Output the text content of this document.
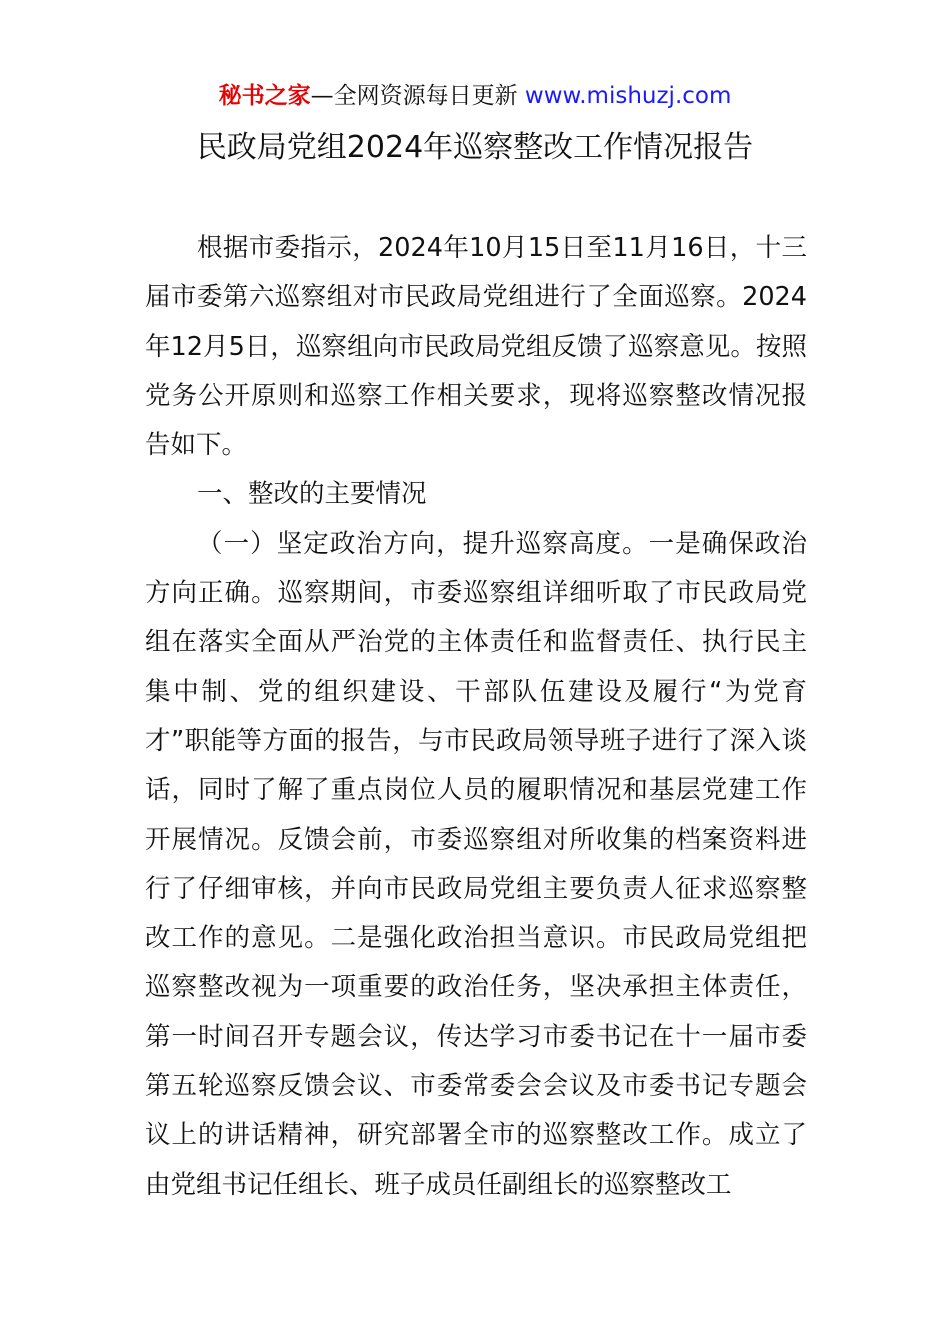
秘书之家—全网资源每日更新 www.mishuzj.com
民政局党组2024年巡察整改工作情况报告

根据市委指示，2024年10月15日至11月16日，十三届市委第六巡察组对市民政局党组进行了全面巡察。2024年12月5日，巡察组向市民政局党组反馈了巡察意见。按照党务公开原则和巡察工作相关要求，现将巡察整改情况报告如下。

一、整改的主要情况

（一）坚定政治方向，提升巡察高度。一是确保政治方向正确。巡察期间，市委巡察组详细听取了市民政局党组在落实全面从严治党的主体责任和监督责任、执行民主集中制、党的组织建设、干部队伍建设及履行“为党育才”职能等方面的报告，与市民政局领导班子进行了深入谈话，同时了解了重点岗位人员的履职情况和基层党建工作开展情况。反馈会前，市委巡察组对所收集的档案资料进行了仔细审核，并向市民政局党组主要负责人征求巡察整改工作的意见。二是强化政治担当意识。市民政局党组把巡察整改视为一项重要的政治任务，坚决承担主体责任，第一时间召开专题会议，传达学习市委书记在十一届市委第五轮巡察反馈会议、市委常委会会议及市委书记专题会议上的讲话精神，研究部署全市的巡察整改工作。成立了由党组书记任组长、班子成员任副组长的巡察整改工
